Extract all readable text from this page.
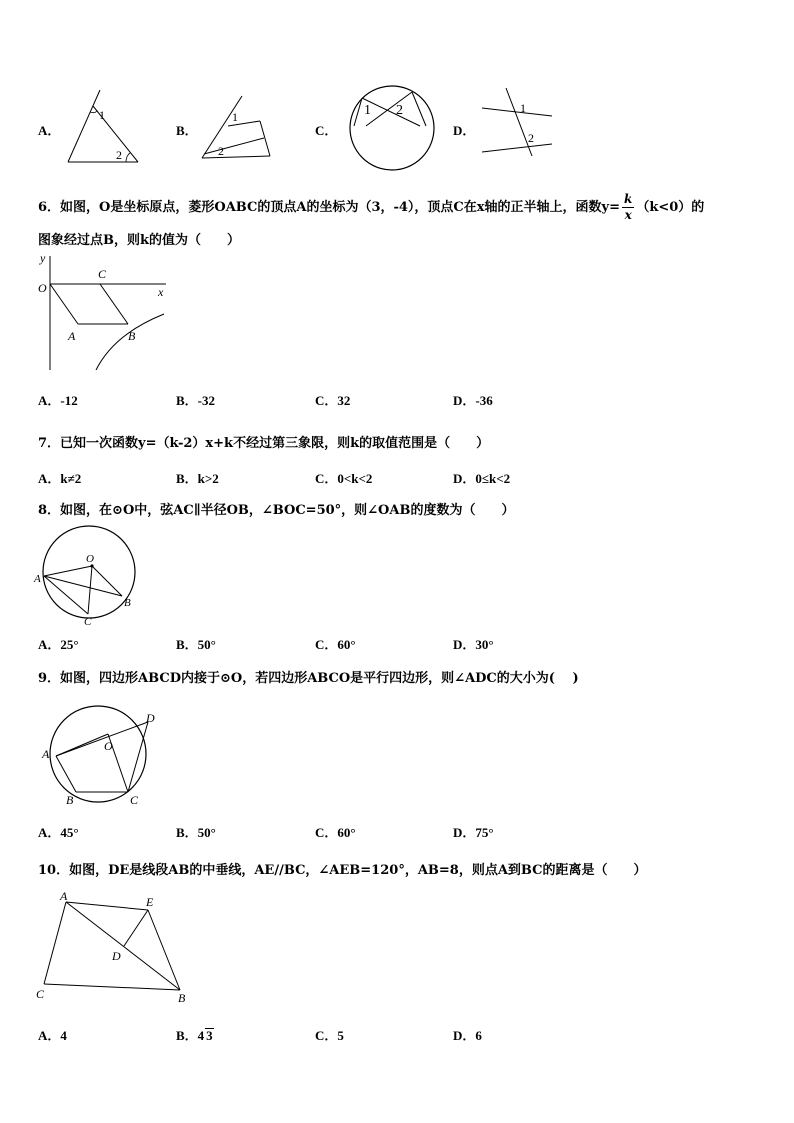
A．
1
2
B．
1
2
C．
1 2
D．
1
2
6．如图，O是坐标原点，菱形OABC的顶点A的坐标为（3，-4），顶点C在x轴的正半轴上，函数$y= \frac{k}{x} (k<0)$的
图象经过点B，则k的值为（　　）
y
x
O
C
A	B
A．-12	B．-32	C．32	D．-36
7．已知一次函数y=（k-2）x+k不经过第三象限，则k的取值范围是（　　）
A．k≠2	B．k>2	C．0<k<2	D．0≤k<2
8．如图，在⊙O中，弦AC∥半径OB，∠BOC=50°，则∠OAB的度数为（　　）
O
A
B
C
A．25°	B．50°	C．60°	D．30°
9．如图，四边形ABCD内接于⊙O，若四边形ABCO是平行四边形，则∠ADC的大小为(　 )
A
B	C
D
O
A．45°	B．50°	C．60°	D．75°
10．如图，DE是线段AB的中垂线，AE//BC，∠AEB=120°，AB=8，则点A到BC的距离是（　　）
A	E
D
C	B
A．4	B．4 3	C．5	D．6
